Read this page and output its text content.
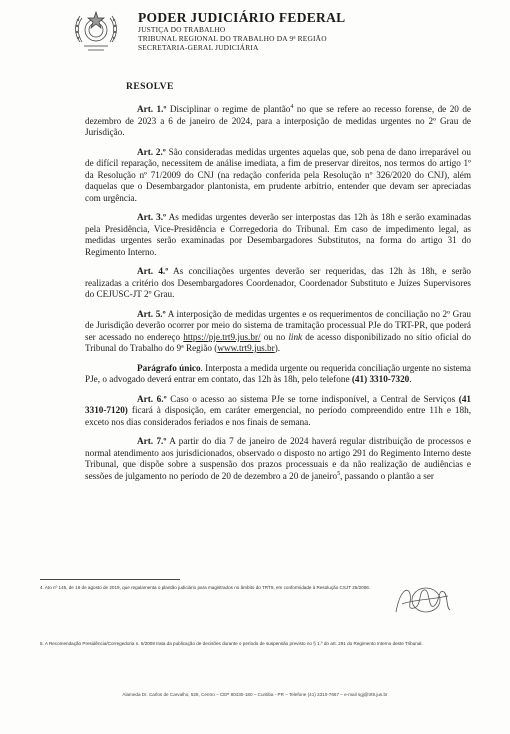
PODER JUDICIÁRIO FEDERAL
JUSTIÇA DO TRABALHO
TRIBUNAL REGIONAL DO TRABALHO DA 9ª REGIÃO
SECRETARIA-GERAL JUDICIÁRIA
RESOLVE

Art. 1.º Disciplinar o regime de plantão$^4$ no que se refere ao recesso forense, de 20 de dezembro de 2023 a 6 de janeiro de 2024, para a interposição de medidas urgentes no 2º Grau de Jurisdição.

Art. 2.º São consideradas medidas urgentes aquelas que, sob pena de dano irreparável ou de difícil reparação, necessitem de análise imediata, a fim de preservar direitos, nos termos do artigo 1º da Resolução nº 71/2009 do CNJ (na redação conferida pela Resolução nº 326/2020 do CNJ), além daquelas que o Desembargador plantonista, em prudente arbítrio, entender que devam ser apreciadas com urgência.

Art. 3.º As medidas urgentes deverão ser interpostas das 12h às 18h e serão examinadas pela Presidência, Vice-Presidência e Corregedoria do Tribunal. Em caso de impedimento legal, as medidas urgentes serão examinadas por Desembargadores Substitutos, na forma do artigo 31 do Regimento Interno.

Art. 4.º As conciliações urgentes deverão ser requeridas, das 12h às 18h, e serão realizadas a critério dos Desembargadores Coordenador, Coordenador Substituto e Juízes Supervisores do CEJUSC-JT 2º Grau.

Art. 5.º A interposição de medidas urgentes e os requerimentos de conciliação no 2º Grau de Jurisdição deverão ocorrer por meio do sistema de tramitação processual PJe do TRT-PR, que poderá ser acessado no endereço https://pje.trt9.jus.br/ ou no link de acesso disponibilizado no sítio oficial do Tribunal do Trabalho do 9ª Região (www.trt9.jus.br).

Parágrafo único. Interposta a medida urgente ou requerida conciliação urgente no sistema PJe, o advogado deverá entrar em contato, das 12h às 18h, pelo telefone (41) 3310-7320.

Art. 6.º Caso o acesso ao sistema PJe se torne indisponível, a Central de Serviços (41 3310-7120) ficará à disposição, em caráter emergencial, no período compreendido entre 11h e 18h, exceto nos dias considerados feriados e nos finais de semana.

Art. 7.º A partir do dia 7 de janeiro de 2024 haverá regular distribuição de processos e normal atendimento aos jurisdicionados, observado o disposto no artigo 291 do Regimento Interno deste Tribunal, que dispõe sobre a suspensão dos prazos processuais e da não realização de audiências e sessões de julgamento no período de 20 de dezembro a 20 de janeiro$^5$, passando o plantão a ser

4. Ato nº 145, de 16 de agosto de 2019, que regulamenta o plantão judiciário para magistrados no âmbito do TRT9, em conformidade à Resolução CSJT 25/2006.
5. A Recomendação Presidência/Corregedoria n. 5/2008 trata da publicação de decisões durante o período de suspensão previsto no § 1.º do art. 291 do Regimento Interno deste Tribunal.
Alameda Dr. Carlos de Carvalho, 528, Centro – CEP 80430-180 – Curitiba - PR – Telefone (41) 3310-7667 – e-mail sgj@trt9.jus.br
